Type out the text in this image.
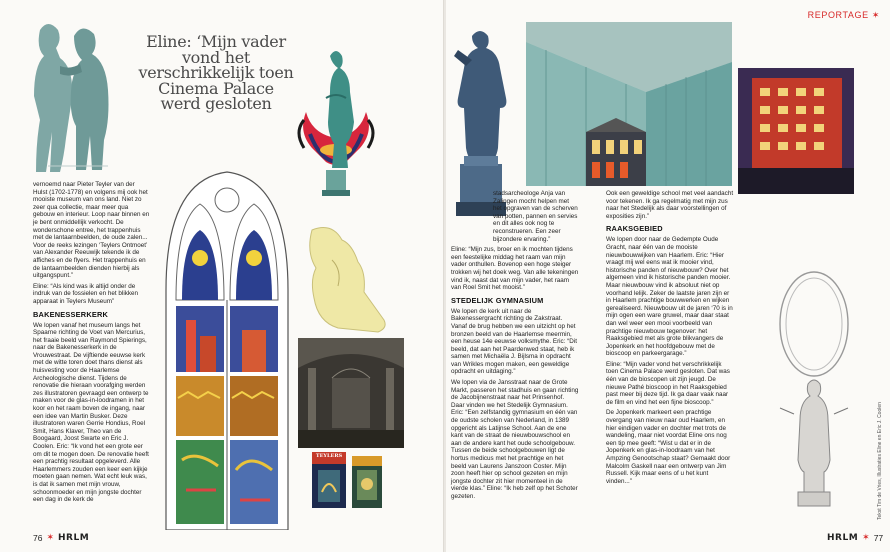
Eline: ‘Mijn vader vond het verschrikkelijk toen Cinema Palace werd gesloten
TEYLERS

vernoemd naar Pieter Teyler van der Hulst (1702-1778) en volgens mij ook het mooiste museum van ons land. Niet zo zeer qua collectie, maar meer qua gebouw en interieur. Loop naar binnen en je bent onmiddellijk verkocht. De wonderschone entree, het trappenhuis met de lantaarnbeelden, de oude zalen... Voor de reeks lezingen ‘Teylers Ontmoet’ van Alexander Reeuwijk tekende ik de affiches en de flyers. Het trappenhuis en de lantaarnbeelden dienden hierbij als uitgangspunt.”

Eline: “Als kind was ik altijd onder de indruk van de fossielen en het blikken apparaat in Teylers Museum”

BAKENESSERKERK

We lopen vanaf het museum langs het Spaarne richting de Voet van Mercurius, het fraaie beeld van Raymond Spierings, naar de Bakenesserkerk in de Vrouwestraat. De vijftiende eeuwse kerk met de witte toren doet thans dienst als huisvesting voor de Haarlemse Archeologische dienst. Tijdens de renovatie die hieraan voorafging werden zes illustratoren gevraagd een ontwerp te maken voor de glas-in-loodramen in het koor en het raam boven de ingang, naar een idee van Martin Busker. Deze illustratoren waren Gerrie Hondius, Roel Smit, Hans Klaver, Theo van de Boogaard, Joost Swarte en Eric J. Coolen. Eric: “Ik vond het een grote eer om dit te mogen doen. De renovatie heeft een prachtig resultaat opgeleverd. Alle Haarlemmers zouden een keer een kijkje moeten gaan nemen. Wat echt leuk was, is dat ik samen met mijn vrouw, schoonmoeder en mijn jongste dochter een dag in de kerk de

76 ✶ HRLM
REPORTAGE ✶

stadsarcheologe Anja van Zalingen mocht helpen met het opgraven van de scherven van potten, pannen en servies en dit alles ook nog te reconstrueren. Een zeer bijzondere ervaring.”

Eline: “Mijn zus, broer en ik mochten tijdens een feestelijke middag het raam van mijn vader onthullen. Bovenop een hoge steiger trokken wij het doek weg. Van alle tekeningen vind ik, naast dat van mijn vader, het raam van Roel Smit het mooist.”

STEDELIJK GYMNASIUM

We lopen de kerk uit naar de Bakenessergracht richting de Zakstraat. Vanaf de brug hebben we een uitzicht op het bronzen beeld van de Haarlemse meermin, een heuse 14e eeuwse volksmythe. Eric: “Dit beeld, dat aan het Paardenwed staat, heb ik samen met Michaëla J. Bijlsma in opdracht van Wrikles mogen maken, een geweldige opdracht en uitdaging.”

We lopen via de Jansstraat naar de Grote Markt, passeren het stadhuis en gaan richting de Jacobijnenstraat naar het Prinsenhof. Daar vinden we het Stedelijk Gymnasium. Eric: “Een zelfstandig gymnasium en één van de oudste scholen van Nederland, in 1389 opgericht als Latijnse School. Aan de ene kant van de straat de nieuwbouwschool en aan de andere kant het oude schoolgebouw. Tussen de beide schoolgebouwen ligt de hortus medicus met het prachtige en het beeld van Laurens Janszoon Coster. Mijn zoon heeft hier op school gezeten en mijn jongste dochter zit hier momenteel in de vierde klas.” Eline: “Ik heb zelf op het Schoter gezeten.

Ook een geweldige school met veel aandacht voor tekenen. Ik ga regelmatig met mijn zus naar het Stedelijk als daar voorstellingen of exposities zijn.”

RAAKSGEBIED

We lopen door naar de Gedempte Oude Gracht, naar één van de mooiste nieuwbouwwijken van Haarlem. Eric: “Hier vraagt mij wel eens wat ik mooier vind, historische panden of nieuwbouw? Over het algemeen vind ik historische panden mooier. Maar nieuwbouw vind ik absoluut niet op voorhand lelijk. Zeker de laatste jaren zijn er in Haarlem prachtige bouwwerken en wijken gerealiseerd. Nieuwbouw uit de jaren ‘70 is in mijn ogen een ware gruwel, maar daar staat dan wel weer een mooi voorbeeld van prachtige nieuwbouw tegenover: het Raaksgebied met als grote blikvangers de Jopenkerk en het hoofdgebouw met de bioscoop en parkeergarage.”

Eline: “Mijn vader vond het verschrikkelijk toen Cinema Palace werd gesloten. Dat was één van de bioscopen uit zijn jeugd. De nieuwe Pathé bioscoop in het Raaksgebied past meer bij deze tijd. Ik ga daar vaak naar de film en vind het een fijne bioscoop.”

De Jopenkerk markeert een prachtige overgang van nieuw naar oud Haarlem, en hier eindigen vader en dochter met trots de wandeling, maar niet voordat Eline ons nog een tip mee geeft: “Wist u dat er in de Jopenkerk en glas-in-loodraam van het Ampzing Genootschap staat? Gemaakt door Malcolm Gaskell naar een ontwerp van Jim Russell. Kijk maar eens of u het kunt vinden...”	Tekst Tim de Vries, Illustraties Eline en Eric J. Coolen
HRLM ✶ 77
